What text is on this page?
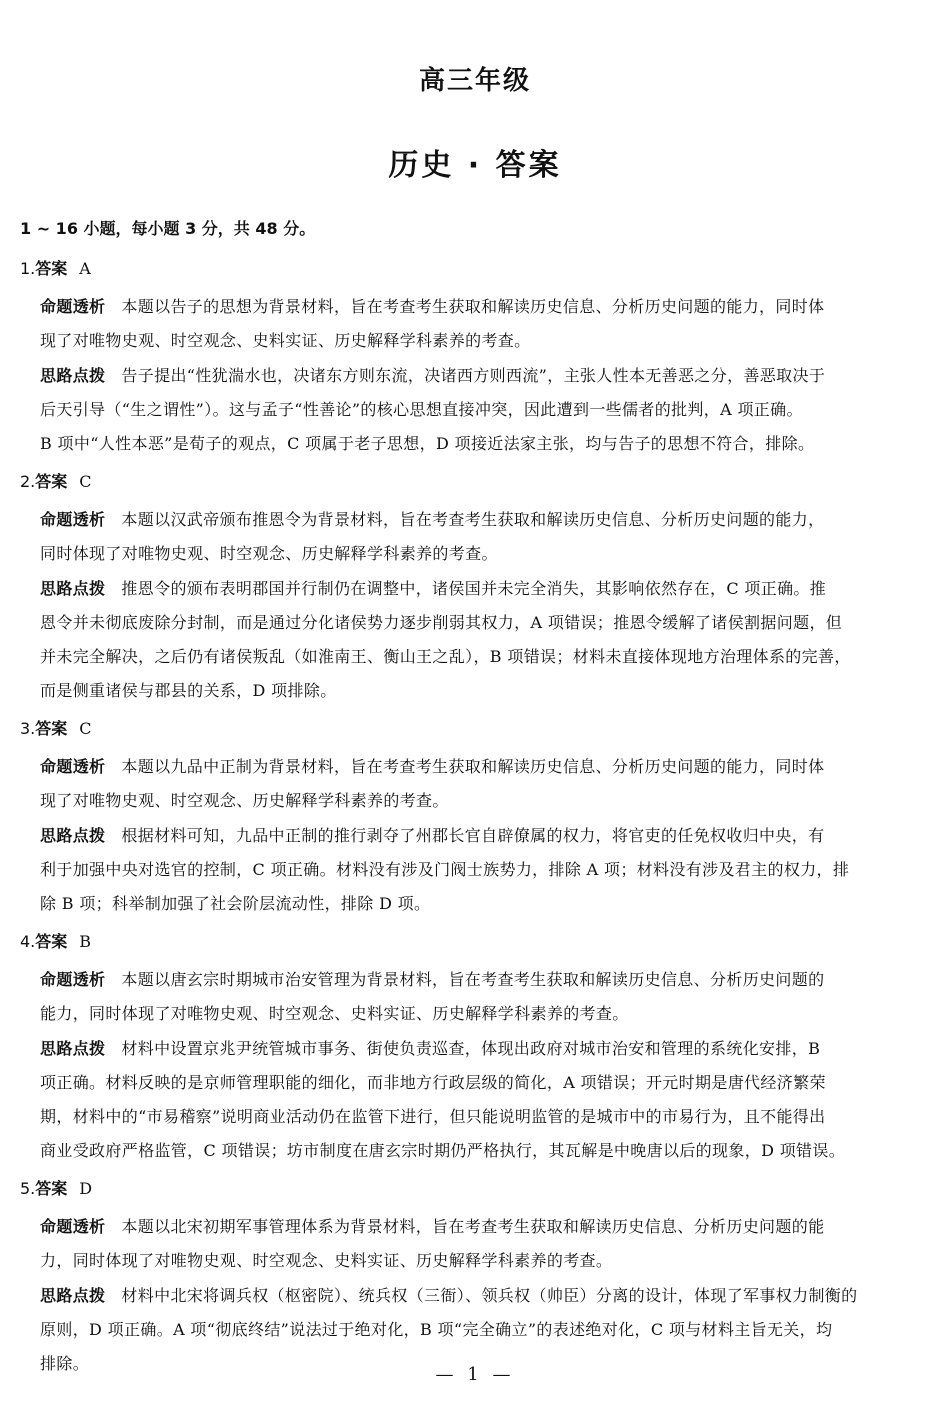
高三年级
历史 · 答案
1 ~ 16 小题，每小题 3 分，共 48 分。
1.答案 A
命题透析 本题以告子的思想为背景材料，旨在考查考生获取和解读历史信息、分析历史问题的能力，同时体
现了对唯物史观、时空观念、史料实证、历史解释学科素养的考查。
思路点拨 告子提出“性犹湍水也，决诸东方则东流，决诸西方则西流”，主张人性本无善恶之分，善恶取决于
后天引导（“生之谓性”）。这与孟子“性善论”的核心思想直接冲突，因此遭到一些儒者的批判，A 项正确。
B 项中“人性本恶”是荀子的观点，C 项属于老子思想，D 项接近法家主张，均与告子的思想不符合，排除。
2.答案 C
命题透析 本题以汉武帝颁布推恩令为背景材料，旨在考查考生获取和解读历史信息、分析历史问题的能力，
同时体现了对唯物史观、时空观念、历史解释学科素养的考查。
思路点拨 推恩令的颁布表明郡国并行制仍在调整中，诸侯国并未完全消失，其影响依然存在，C 项正确。推
恩令并未彻底废除分封制，而是通过分化诸侯势力逐步削弱其权力，A 项错误；推恩令缓解了诸侯割据问题，但
并未完全解决，之后仍有诸侯叛乱（如淮南王、衡山王之乱），B 项错误；材料未直接体现地方治理体系的完善，
而是侧重诸侯与郡县的关系，D 项排除。
3.答案 C
命题透析 本题以九品中正制为背景材料，旨在考查考生获取和解读历史信息、分析历史问题的能力，同时体
现了对唯物史观、时空观念、历史解释学科素养的考查。
思路点拨 根据材料可知，九品中正制的推行剥夺了州郡长官自辟僚属的权力，将官吏的任免权收归中央，有
利于加强中央对选官的控制，C 项正确。材料没有涉及门阀士族势力，排除 A 项；材料没有涉及君主的权力，排
除 B 项；科举制加强了社会阶层流动性，排除 D 项。
4.答案 B
命题透析 本题以唐玄宗时期城市治安管理为背景材料，旨在考查考生获取和解读历史信息、分析历史问题的
能力，同时体现了对唯物史观、时空观念、史料实证、历史解释学科素养的考查。
思路点拨 材料中设置京兆尹统管城市事务、街使负责巡查，体现出政府对城市治安和管理的系统化安排，B
项正确。材料反映的是京师管理职能的细化，而非地方行政层级的简化，A 项错误；开元时期是唐代经济繁荣
期，材料中的“市易稽察”说明商业活动仍在监管下进行，但只能说明监管的是城市中的市易行为，且不能得出
商业受政府严格监管，C 项错误；坊市制度在唐玄宗时期仍严格执行，其瓦解是中晚唐以后的现象，D 项错误。
5.答案 D
命题透析 本题以北宋初期军事管理体系为背景材料，旨在考查考生获取和解读历史信息、分析历史问题的能
力，同时体现了对唯物史观、时空观念、史料实证、历史解释学科素养的考查。
思路点拨 材料中北宋将调兵权（枢密院）、统兵权（三衙）、领兵权（帅臣）分离的设计，体现了军事权力制衡的
原则，D 项正确。A 项“彻底终结”说法过于绝对化，B 项“完全确立”的表述绝对化，C 项与材料主旨无关，均
排除。
— 1 —
